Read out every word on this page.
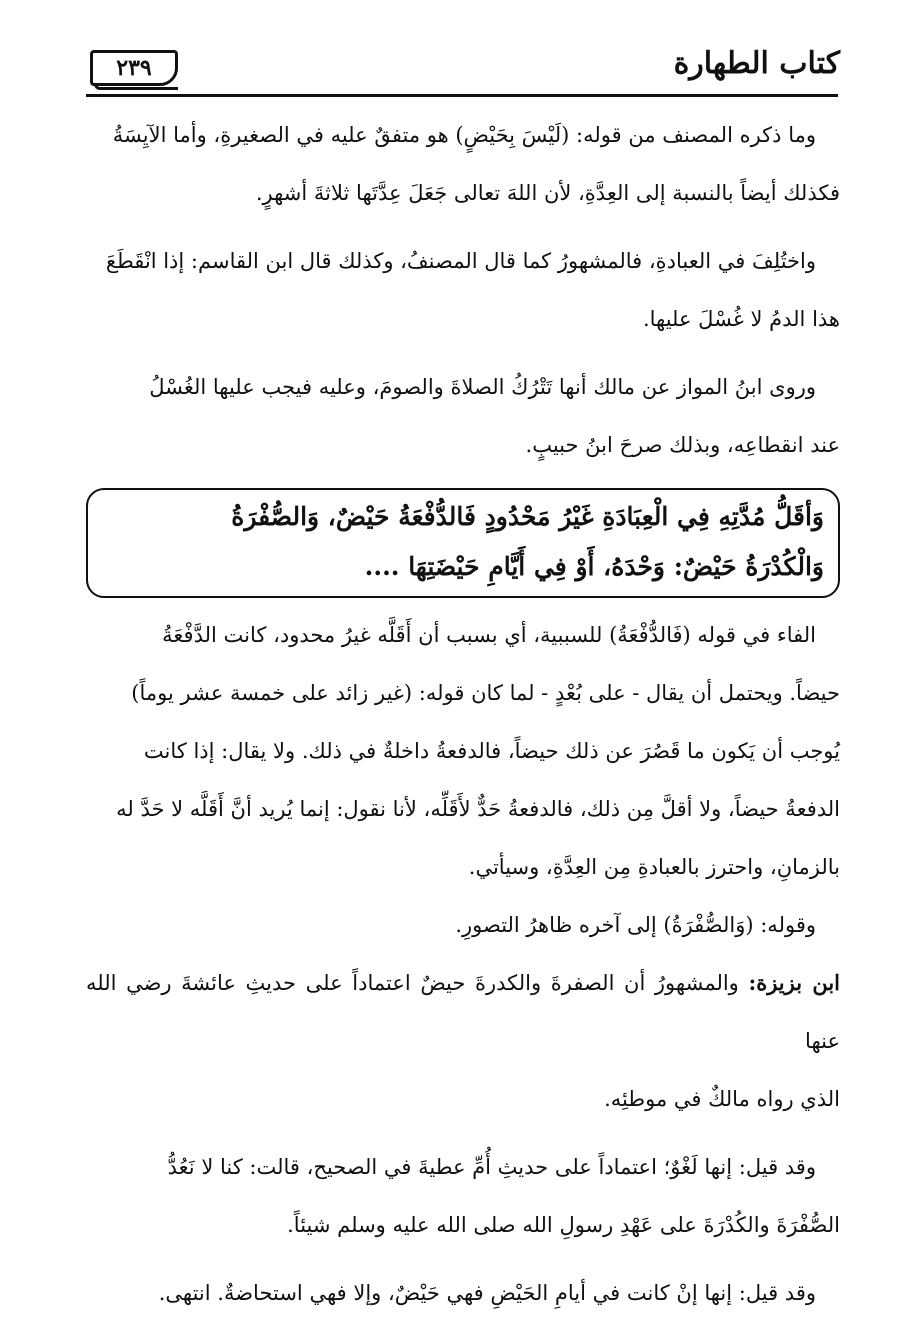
كتاب الطهارة
٢٣٩

وما ذكره المصنف من قوله: (لَيْسَ بِحَيْضٍ) هو متفقٌ عليه في الصغيرةِ، وأما الآيِسَةُ
فكذلك أيضاً بالنسبة إلى العِدَّةِ، لأن اللهَ تعالى جَعَلَ عِدَّتَها ثلاثةَ أشهرٍ.

واختُلِفَ في العبادةِ، فالمشهورُ كما قال المصنفُ، وكذلك قال ابن القاسم: إذا انْقَطَعَ
هذا الدمُ لا غُسْلَ عليها.

وروى ابنُ المواز عن مالك أنها تَتْرُكُ الصلاةَ والصومَ، وعليه فيجب عليها الغُسْلُ
عند انقطاعِه، وبذلك صرحَ ابنُ حبيبٍ.

وَأقَلُّ مُدَّتِهِ فِي الْعِبَادَةِ غَيْرُ مَحْدُودٍ فَالدُّفْعَةُ حَيْضٌ، وَالصُّفْرَةُ
وَالْكُدْرَةُ حَيْضٌ: وَحْدَهُ، أَوْ فِي أَيَّامِ حَيْضَتِهَا ....

الفاء في قوله (فَالدُّفْعَةُ) للسببية، أي بسبب أن أَقَلَّه غيرُ محدود، كانت الدَّفْعَةُ
حيضاً. ويحتمل أن يقال - على بُعْدٍ - لما كان قوله: (غير زائد على خمسة عشر يوماً)
يُوجب أن يَكون ما قَصُرَ عن ذلك حيضاً، فالدفعةُ داخلةٌ في ذلك. ولا يقال: إذا كانت
الدفعةُ حيضاً، ولا أقلَّ مِن ذلك، فالدفعةُ حَدٌّ لأَقَلِّه، لأنا نقول: إنما يُريد أنَّ أَقَلَّه لا حَدَّ له
بالزمانِ، واحترز بالعبادةِ مِن العِدَّةِ، وسيأتي.

وقوله: (وَالصُّفْرَةُ) إلى آخره ظاهرُ التصورِ.

ابن بزيزة: والمشهورُ أن الصفرةَ والكدرةَ حيضٌ اعتماداً على حديثِ عائشةَ رضي الله عنها
الذي رواه مالكٌ في موطئِه.

وقد قيل: إنها لَغْوٌ؛ اعتماداً على حديثِ أُمِّ عطيةَ في الصحيح، قالت: كنا لا نَعُدُّ
الصُّفْرَةَ والكُدْرَةَ على عَهْدِ رسولِ الله صلى الله عليه وسلم شيئاً.

وقد قيل: إنها إنْ كانت في أيامِ الحَيْضِ فهي حَيْضٌ، وإلا فهي استحاضةٌ. انتهى.
